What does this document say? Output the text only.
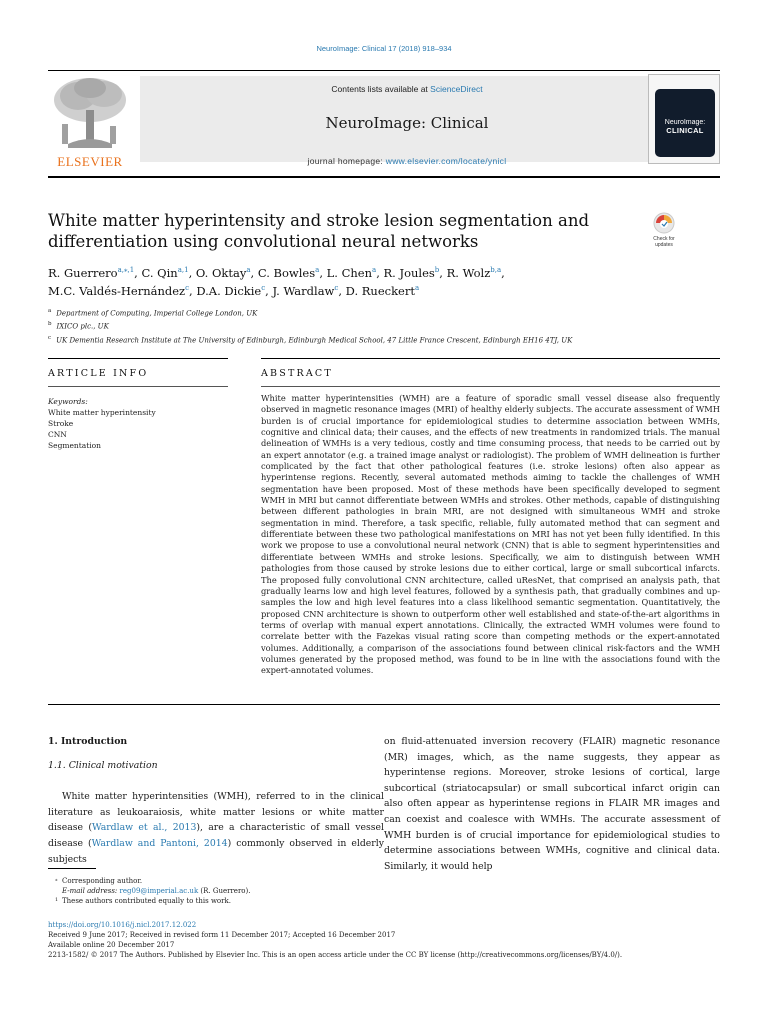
NeuroImage: Clinical 17 (2018) 918–934
ELSEVIER
Contents lists available at ScienceDirect
NeuroImage: Clinical
journal homepage: www.elsevier.com/locate/ynicl
NeuroImage:
CLINICAL
White matter hyperintensity and stroke lesion segmentation and
differentiation using convolutional neural networks	Check for
updates
R. Guerrero$^{a,⁎,1}$, C. Qin$^{a,1}$, O. Oktay$^a$, C. Bowles$^a$, L. Chen$^a$, R. Joules$^b$, R. Wolz$^{b,a}$,
M.C. Valdés-Hernández$^c$, D.A. Dickie$^c$, J. Wardlaw$^c$, D. Rueckert$^a$
$^a$ Department of Computing, Imperial College London, UK
$^b$ IXICO plc., UK
$^c$ UK Dementia Research Institute at The University of Edinburgh, Edinburgh Medical School, 47 Little France Crescent, Edinburgh EH16 4TJ, UK
ARTICLE INFO	ABSTRACT
Keywords:
White matter hyperintensity
Stroke
CNN
Segmentation
White matter hyperintensities (WMH) are a feature of sporadic small vessel disease also frequently observed in magnetic resonance images (MRI) of healthy elderly subjects. The accurate assessment of WMH burden is of crucial importance for epidemiological studies to determine association between WMHs, cognitive and clinical data; their causes, and the effects of new treatments in randomized trials. The manual delineation of WMHs is a very tedious, costly and time consuming process, that needs to be carried out by an expert annotator (e.g. a trained image analyst or radiologist). The problem of WMH delineation is further complicated by the fact that other pathological features (i.e. stroke lesions) often also appear as hyperintense regions. Recently, several automated methods aiming to tackle the challenges of WMH segmentation have been proposed. Most of these methods have been specifically developed to segment WMH in MRI but cannot differentiate between WMHs and strokes. Other methods, capable of distinguishing between different pathologies in brain MRI, are not designed with simultaneous WMH and stroke segmentation in mind. Therefore, a task specific, reliable, fully automated method that can segment and differentiate between these two pathological manifestations on MRI has not yet been fully identified. In this work we propose to use a convolutional neural network (CNN) that is able to segment hyperintensities and differentiate between WMHs and stroke lesions. Specifically, we aim to distinguish between WMH pathologies from those caused by stroke lesions due to either cortical, large or small subcortical infarcts. The proposed fully convolutional CNN architecture, called uResNet, that comprised an analysis path, that gradually learns low and high level features, followed by a synthesis path, that gradually combines and up-samples the low and high level features into a class likelihood semantic segmentation. Quantitatively, the proposed CNN architecture is shown to outperform other well established and state-of-the-art algorithms in terms of overlap with manual expert annotations. Clinically, the extracted WMH volumes were found to correlate better with the Fazekas visual rating score than competing methods or the expert-annotated volumes. Additionally, a comparison of the associations found between clinical risk-factors and the WMH volumes generated by the proposed method, was found to be in line with the associations found with the expert-annotated volumes.
1. Introduction
1.1. Clinical motivation

White matter hyperintensities (WMH), referred to in the clinical literature as leukoaraiosis, white matter lesions or white matter disease (Wardlaw et al., 2013), are a characteristic of small vessel disease (Wardlaw and Pantoni, 2014) commonly observed in elderly subjects

on fluid-attenuated inversion recovery (FLAIR) magnetic resonance (MR) images, which, as the name suggests, they appear as hyperintense regions. Moreover, stroke lesions of cortical, large subcortical (striatocapsular) or small subcortical infarct origin can also often appear as hyperintense regions in FLAIR MR images and can coexist and coalesce with WMHs. The accurate assessment of WMH burden is of crucial importance for epidemiological studies to determine associations between WMHs, cognitive and clinical data. Similarly, it would help

⁎ Corresponding author.
E-mail address: reg09@imperial.ac.uk (R. Guerrero).
1 These authors contributed equally to this work.
https://doi.org/10.1016/j.nicl.2017.12.022
Received 9 June 2017; Received in revised form 11 December 2017; Accepted 16 December 2017
Available online 20 December 2017
2213-1582/ © 2017 The Authors. Published by Elsevier Inc. This is an open access article under the CC BY license (http://creativecommons.org/licenses/BY/4.0/).
